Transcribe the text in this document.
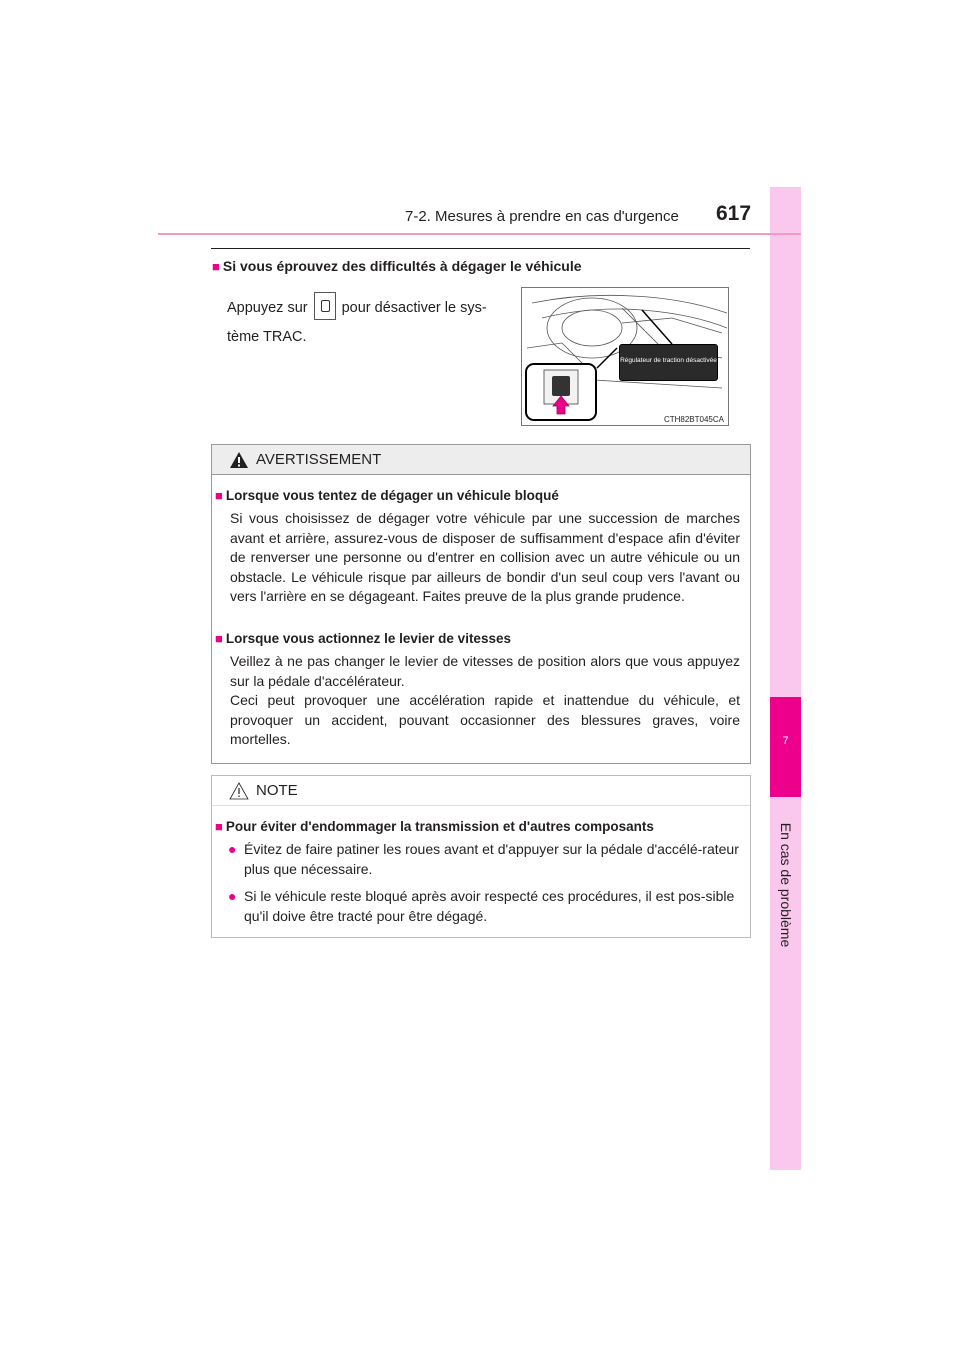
7
En cas de problème
7-2. Mesures à prendre en cas d'urgence 617
■ Si vous éprouvez des difficultés à dégager le véhicule
Appuyez sur pour désactiver le sys-
tème TRAC.
Régulateur de traction désactivée
CTH82BT045CA
AVERTISSEMENT
■ Lorsque vous tentez de dégager un véhicule bloqué
Si vous choisissez de dégager votre véhicule par une succession de marches avant et arrière, assurez-vous de disposer de suffisamment d'espace afin d'éviter de renverser une personne ou d'entrer en collision avec un autre véhicule ou un obstacle. Le véhicule risque par ailleurs de bondir d'un seul coup vers l'avant ou vers l'arrière en se dégageant. Faites preuve de la plus grande prudence.
■ Lorsque vous actionnez le levier de vitesses
Veillez à ne pas changer le levier de vitesses de position alors que vous appuyez sur la pédale d'accélérateur.
Ceci peut provoquer une accélération rapide et inattendue du véhicule, et provoquer un accident, pouvant occasionner des blessures graves, voire mortelles.
NOTE
■ Pour éviter d'endommager la transmission et d'autres composants
● Évitez de faire patiner les roues avant et d'appuyer sur la pédale d'accélé-rateur plus que nécessaire.
● Si le véhicule reste bloqué après avoir respecté ces procédures, il est pos-sible qu'il doive être tracté pour être dégagé.
